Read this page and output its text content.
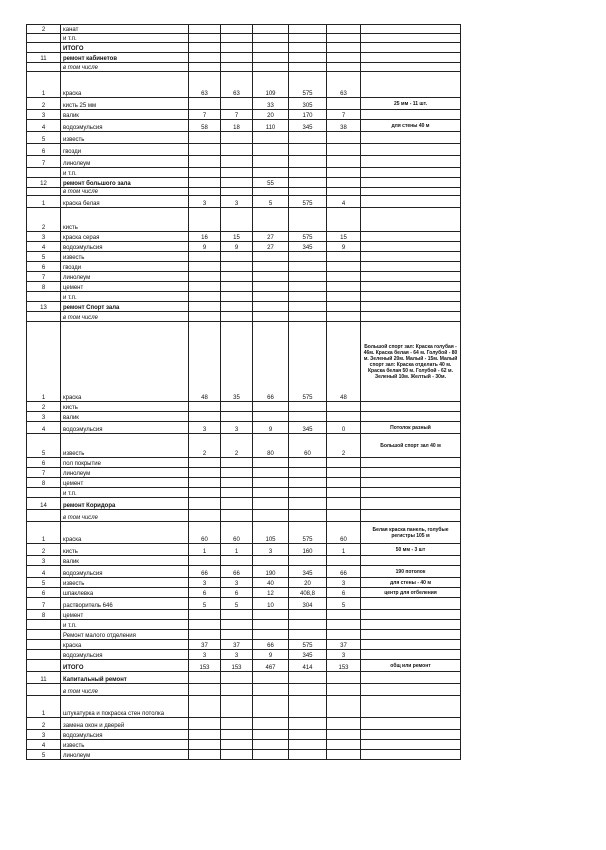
2	канат						
	и т.п.						
	ИТОГО						
11	ремонт кабинетов						
	в том числе						
1	краска	63	63	109	575	63	
2	кисть 25 мм			33	305		25 мм - 11 шт.
3	валик	7	7	20	170	7	
4	водоэмульсия	58	18	110	345	38	для стены 40 м
5	известь						
6	гвозди						
7	линолеум						
	и т.п.						
12	ремонт большого зала			55			
	в том числе						
1	краска белая	3	3	5	575	4	
2	кисть						
3	краска серая	16	15	27	575	15	
4	водоэмульсия	9	9	27	345	9	
5	известь						
6	гвозди						
7	линолеум						
8	цемент						
	и т.п.						
13	ремонт Спорт зала						
	в том числе						
1	краска	48	35	66	575	48	Большой спорт зал: Краска голубая - 46м. Краска белая - 64 м. Голубой - 80 м. Зеленый 20м. Малый - 15м. Малый спорт зал: Краска отделать 40 м. Краска белая 50 м. Голубой - 62 м. Зеленый 10м. Желтый - 30м.
2	кисть						
3	валик						
4	водоэмульсия	3	3	9	345	0	Потолок разный
5	известь	2	2	80	60	2	Большой спорт зал 40 м
6	пол покрытие						
7	линолеум						
8	цемент						
	и т.п.						
14	ремонт Коридора						
	в том числе						
1	краска	60	60	105	575	60	Белая краска панель, голубые регистры 105 м
2	кисть	1	1	3	160	1	50 мм - 3 шт
3	валик						
4	водоэмульсия	66	66	190	345	66	190 потолок
5	известь	3	3	40	20	3	для стены - 40 м
6	шпаклевка	6	6	12	408,8	6	центр для отбеления
7	растворитель 646	5	5	10	304	5	
8	цемент						
	и т.п.						
	Ремонт малого отделения						
	краска	37	37	66	575	37	
	водоэмульсия	3	3	9	345	3	
	ИТОГО	153	153	467	414	153	общ или ремонт
11	Капитальный ремонт						
	в том числе						
1	штукатурка и покраска стен потолка						
2	замена окон и дверей						
3	водоэмульсия						
4	известь						
5	линолеум						
